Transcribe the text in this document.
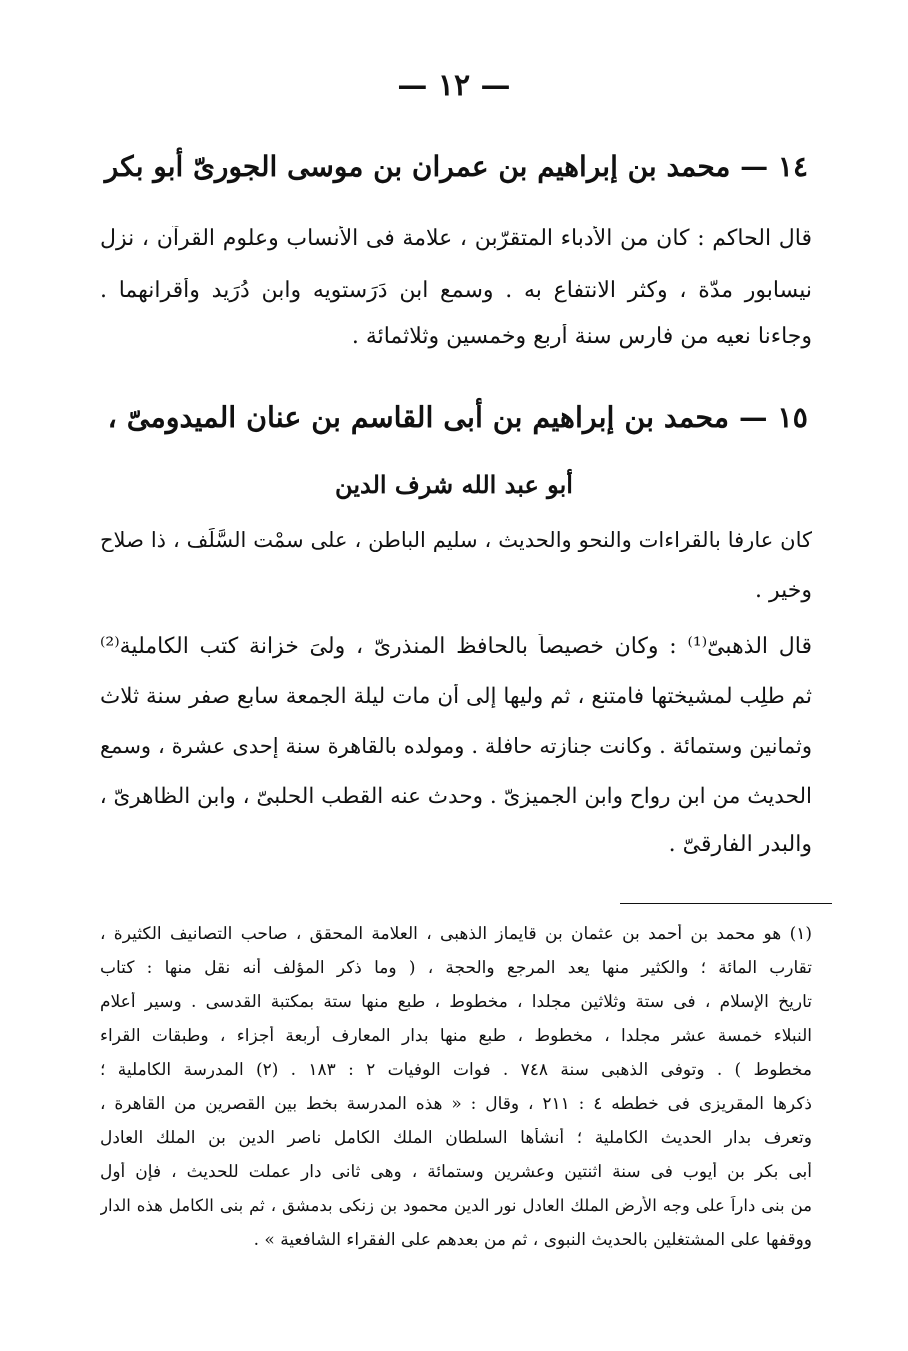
— ١٢ —
١٤ — محمد بن إبراهيم بن عمران بن موسى الجورىّ أبو بكر
قال الحاكم : كان من الأدباء المتقرّبن ، علامة فى الأنساب وعلوم القرآن ، نزل
نيسابور مدّة ، وكثر الانتفاع به . وسمع ابن دَرَستويه وابن دُرَيد وأقرانهما .
وجاءنا نعيه من فارس سنة أربع وخمسين وثلاثمائة .
١٥ — محمد بن إبراهيم بن أبى القاسم بن عنان الميدومىّ ،
أبو عبد الله شرف الدين
كان عارفا بالقراءات والنحو والحديث ، سليم الباطن ، على سمْت السَّلَف ، ذا صلاح
وخير .
قال الذهبىّ⁽¹⁾ : وكان خصيصاً بالحافظ المنذرىّ ، ولىَ خزانة كتب الكاملية⁽²⁾
ثم طلِب لمشيختها فامتنع ، ثم وليها إلى أن مات ليلة الجمعة سابع صفر سنة ثلاث
وثمانين وستمائة . وكانت جنازته حافلة . ومولده بالقاهرة سنة إحدى عشرة ، وسمع
الحديث من ابن رواح وابن الجميزىّ . وحدث عنه القطب الحلبىّ ، وابن الظاهرىّ ،
والبدر الفارقىّ .
(١) هو محمد بن أحمد بن عثمان بن قايماز الذهبى ، العلامة المحقق ، صاحب التصانيف الكثيرة ،
تقارب المائة ؛ والكثير منها يعد المرجع والحجة ، ( وما ذكر المؤلف أنه نقل منها : كتاب
تاريخ الإسلام ، فى ستة وثلاثين مجلدا ، مخطوط ، طبع منها ستة بمكتبة القدسى . وسير أعلام
النبلاء خمسة عشر مجلدا ، مخطوط ، طبع منها بدار المعارف أربعة أجزاء ، وطبقات القراء
مخطوط ) . وتوفى الذهبى سنة ٧٤٨ . فوات الوفيات ٢ : ١٨٣ . (٢) المدرسة الكاملية ؛
ذكرها المقريزى فى خططه ٤ : ٢١١ ، وقال : « هذه المدرسة بخط بين القصرين من القاهرة ،
وتعرف بدار الحديث الكاملية ؛ أنشأها السلطان الملك الكامل ناصر الدين بن الملك العادل
أبى بكر بن أيوب فى سنة اثنتين وعشرين وستمائة ، وهى ثانى دار عملت للحديث ، فإن أول
من بنى داراً على وجه الأرض الملك العادل نور الدين محمود بن زنكى بدمشق ، ثم بنى الكامل هذه الدار
ووقفها على المشتغلين بالحديث النبوى ، ثم من بعدهم على الفقراء الشافعية » .
